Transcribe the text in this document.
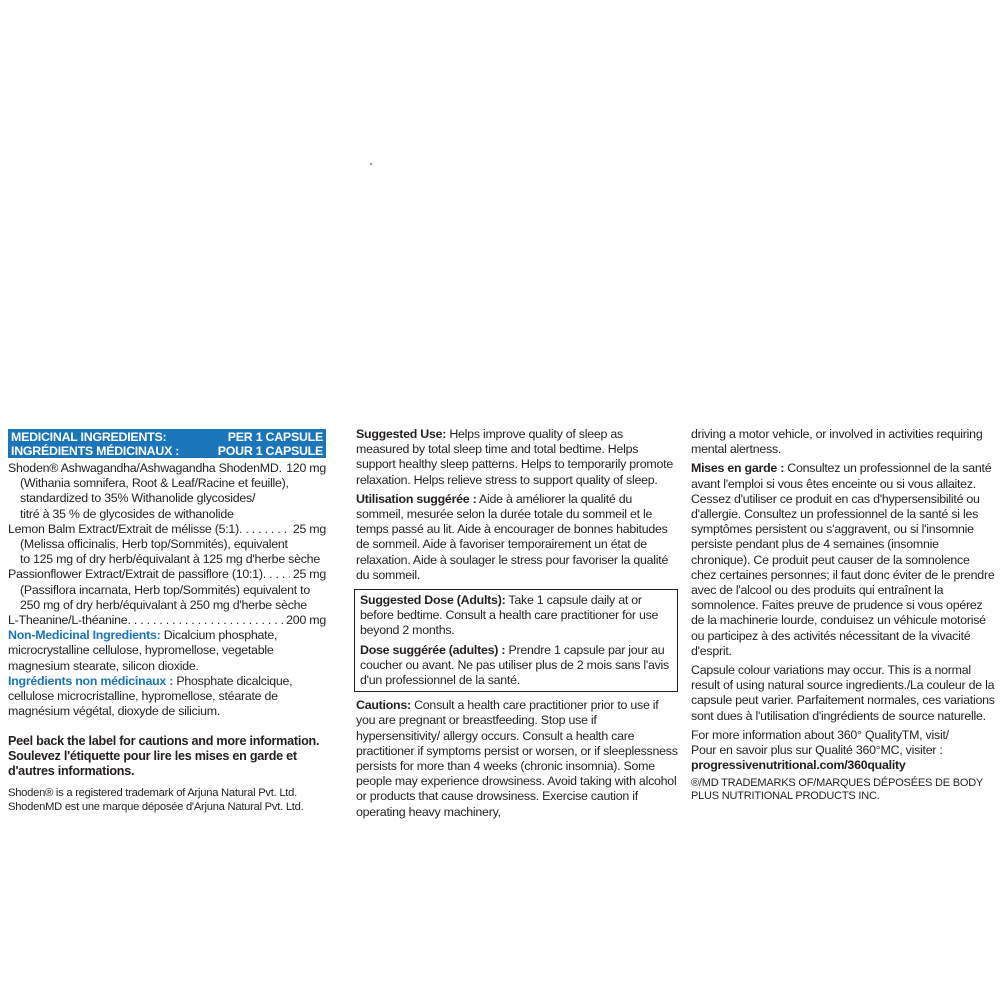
MEDICINAL INGREDIENTS:	PER 1 CAPSULE
INGRÉDIENTS MÉDICINAUX :	POUR 1 CAPSULE
Shoden® Ashwagandha/Ashwagandha ShodenMD . . . 120 mg
(Withania somnifera, Root & Leaf/Racine et feuille),
standardized to 35% Withanolide glycosides/
titré à 35 % de glycosides de withanolide
Lemon Balm Extract/Extrait de mélisse (5:1) . . .	25 mg
(Melissa officinalis, Herb top/Sommités), equivalent
to 125 mg of dry herb/équivalant à 125 mg d'herbe sèche
Passionflower Extract/Extrait de passiflore (10:1) . . . 25 mg
(Passiflora incarnata, Herb top/Sommités) equivalent to
250 mg of dry herb/équivalant à 250 mg d'herbe sèche
L-Theanine/L-théanine . . .	200 mg

Non-Medicinal Ingredients: Dicalcium phosphate, microcrystalline cellulose, hypromellose, vegetable magnesium stearate, silicon dioxide.

Ingrédients non médicinaux : Phosphate dicalcique, cellulose microcristalline, hypromellose, stéarate de magnésium végétal, dioxyde de silicium.

Peel back the label for cautions and more information.
Soulevez l'étiquette pour lire les mises en garde et d'autres informations.
Shoden® is a registered trademark of Arjuna Natural Pvt. Ltd.
ShodenMD est une marque déposée d'Arjuna Natural Pvt. Ltd.

Suggested Use: Helps improve quality of sleep as measured by total sleep time and total bedtime. Helps support healthy sleep patterns. Helps to temporarily promote relaxation. Helps relieve stress to support quality of sleep.

Utilisation suggérée : Aide à améliorer la qualité du sommeil, mesurée selon la durée totale du sommeil et le temps passé au lit. Aide à encourager de bonnes habitudes de sommeil. Aide à favoriser temporairement un état de relaxation. Aide à soulager le stress pour favoriser la qualité du sommeil.

Suggested Dose (Adults): Take 1 capsule daily at or before bedtime. Consult a health care practitioner for use beyond 2 months.

Dose suggérée (adultes) : Prendre 1 capsule par jour au coucher ou avant. Ne pas utiliser plus de 2 mois sans l'avis d'un professionnel de la santé.

Cautions: Consult a health care practitioner prior to use if you are pregnant or breastfeeding. Stop use if hypersensitivity/ allergy occurs. Consult a health care practitioner if symptoms persist or worsen, or if sleeplessness persists for more than 4 weeks (chronic insomnia). Some people may experience drowsiness. Avoid taking with alcohol or products that cause drowsiness. Exercise caution if operating heavy machinery,

driving a motor vehicle, or involved in activities requiring mental alertness.

Mises en garde : Consultez un professionnel de la santé avant l'emploi si vous êtes enceinte ou si vous allaitez. Cessez d'utiliser ce produit en cas d'hypersensibilité ou d'allergie. Consultez un professionnel de la santé si les symptômes persistent ou s'aggravent, ou si l'insomnie persiste pendant plus de 4 semaines (insomnie chronique). Ce produit peut causer de la somnolence chez certaines personnes; il faut donc éviter de le prendre avec de l'alcool ou des produits qui entraînent la somnolence. Faites preuve de prudence si vous opérez de la machinerie lourde, conduisez un véhicule motorisé ou participez à des activités nécessitant de la vivacité d'esprit.

Capsule colour variations may occur. This is a normal result of using natural source ingredients./La couleur de la capsule peut varier. Parfaitement normales, ces variations sont dues à l'utilisation d'ingrédients de source naturelle.

For more information about 360° QualityTM, visit/

Pour en savoir plus sur Qualité 360°MC, visiter :

progressivenutritional.com/360quality

®/MD TRADEMARKS OF/MARQUES DÉPOSÉES DE BODY PLUS NUTRITIONAL PRODUCTS INC.
